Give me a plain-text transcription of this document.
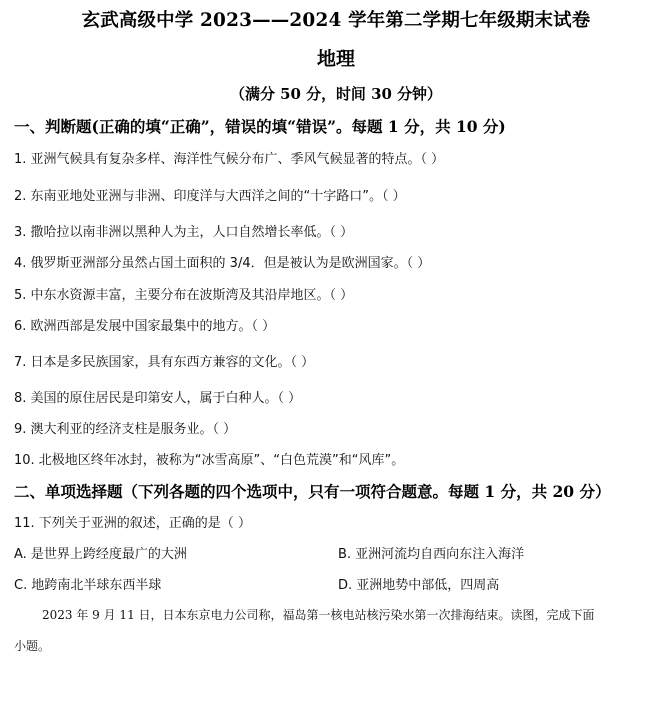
玄武高级中学 2023——2024 学年第二学期七年级期末试卷
地理
（满分 50 分，时间 30 分钟）
一、判断题(正确的填“正确”，错误的填“错误”。每题 1 分，共 10 分)
1. 亚洲气候具有复杂多样、海洋性气候分布广、季风气候显著的特点。（ ）
2. 东南亚地处亚洲与非洲、印度洋与大西洋之间的“十字路口”。（ ）
3. 撒哈拉以南非洲以黑种人为主，人口自然增长率低。（ ）
4. 俄罗斯亚洲部分虽然占国土面积的 3/4．但是被认为是欧洲国家。（ ）
5. 中东水资源丰富，主要分布在波斯湾及其沿岸地区。（ ）
6. 欧洲西部是发展中国家最集中的地方。（ ）
7. 日本是多民族国家，具有东西方兼容的文化。（ ）
8. 美国的原住居民是印第安人，属于白种人。（ ）
9. 澳大利亚的经济支柱是服务业。（ ）
10. 北极地区终年冰封，被称为“冰雪高原”、“白色荒漠”和“风库”。
二、单项选择题（下列各题的四个选项中，只有一项符合题意。每题 1 分，共 20 分）
11. 下列关于亚洲的叙述，正确的是（ ）
A. 是世界上跨经度最广的大洲	B. 亚洲河流均自西向东注入海洋
C. 地跨南北半球东西半球	D. 亚洲地势中部低，四周高
2023 年 9 月 11 日，日本东京电力公司称，福岛第一核电站核污染水第一次排海结束。读图，完成下面
小题。
